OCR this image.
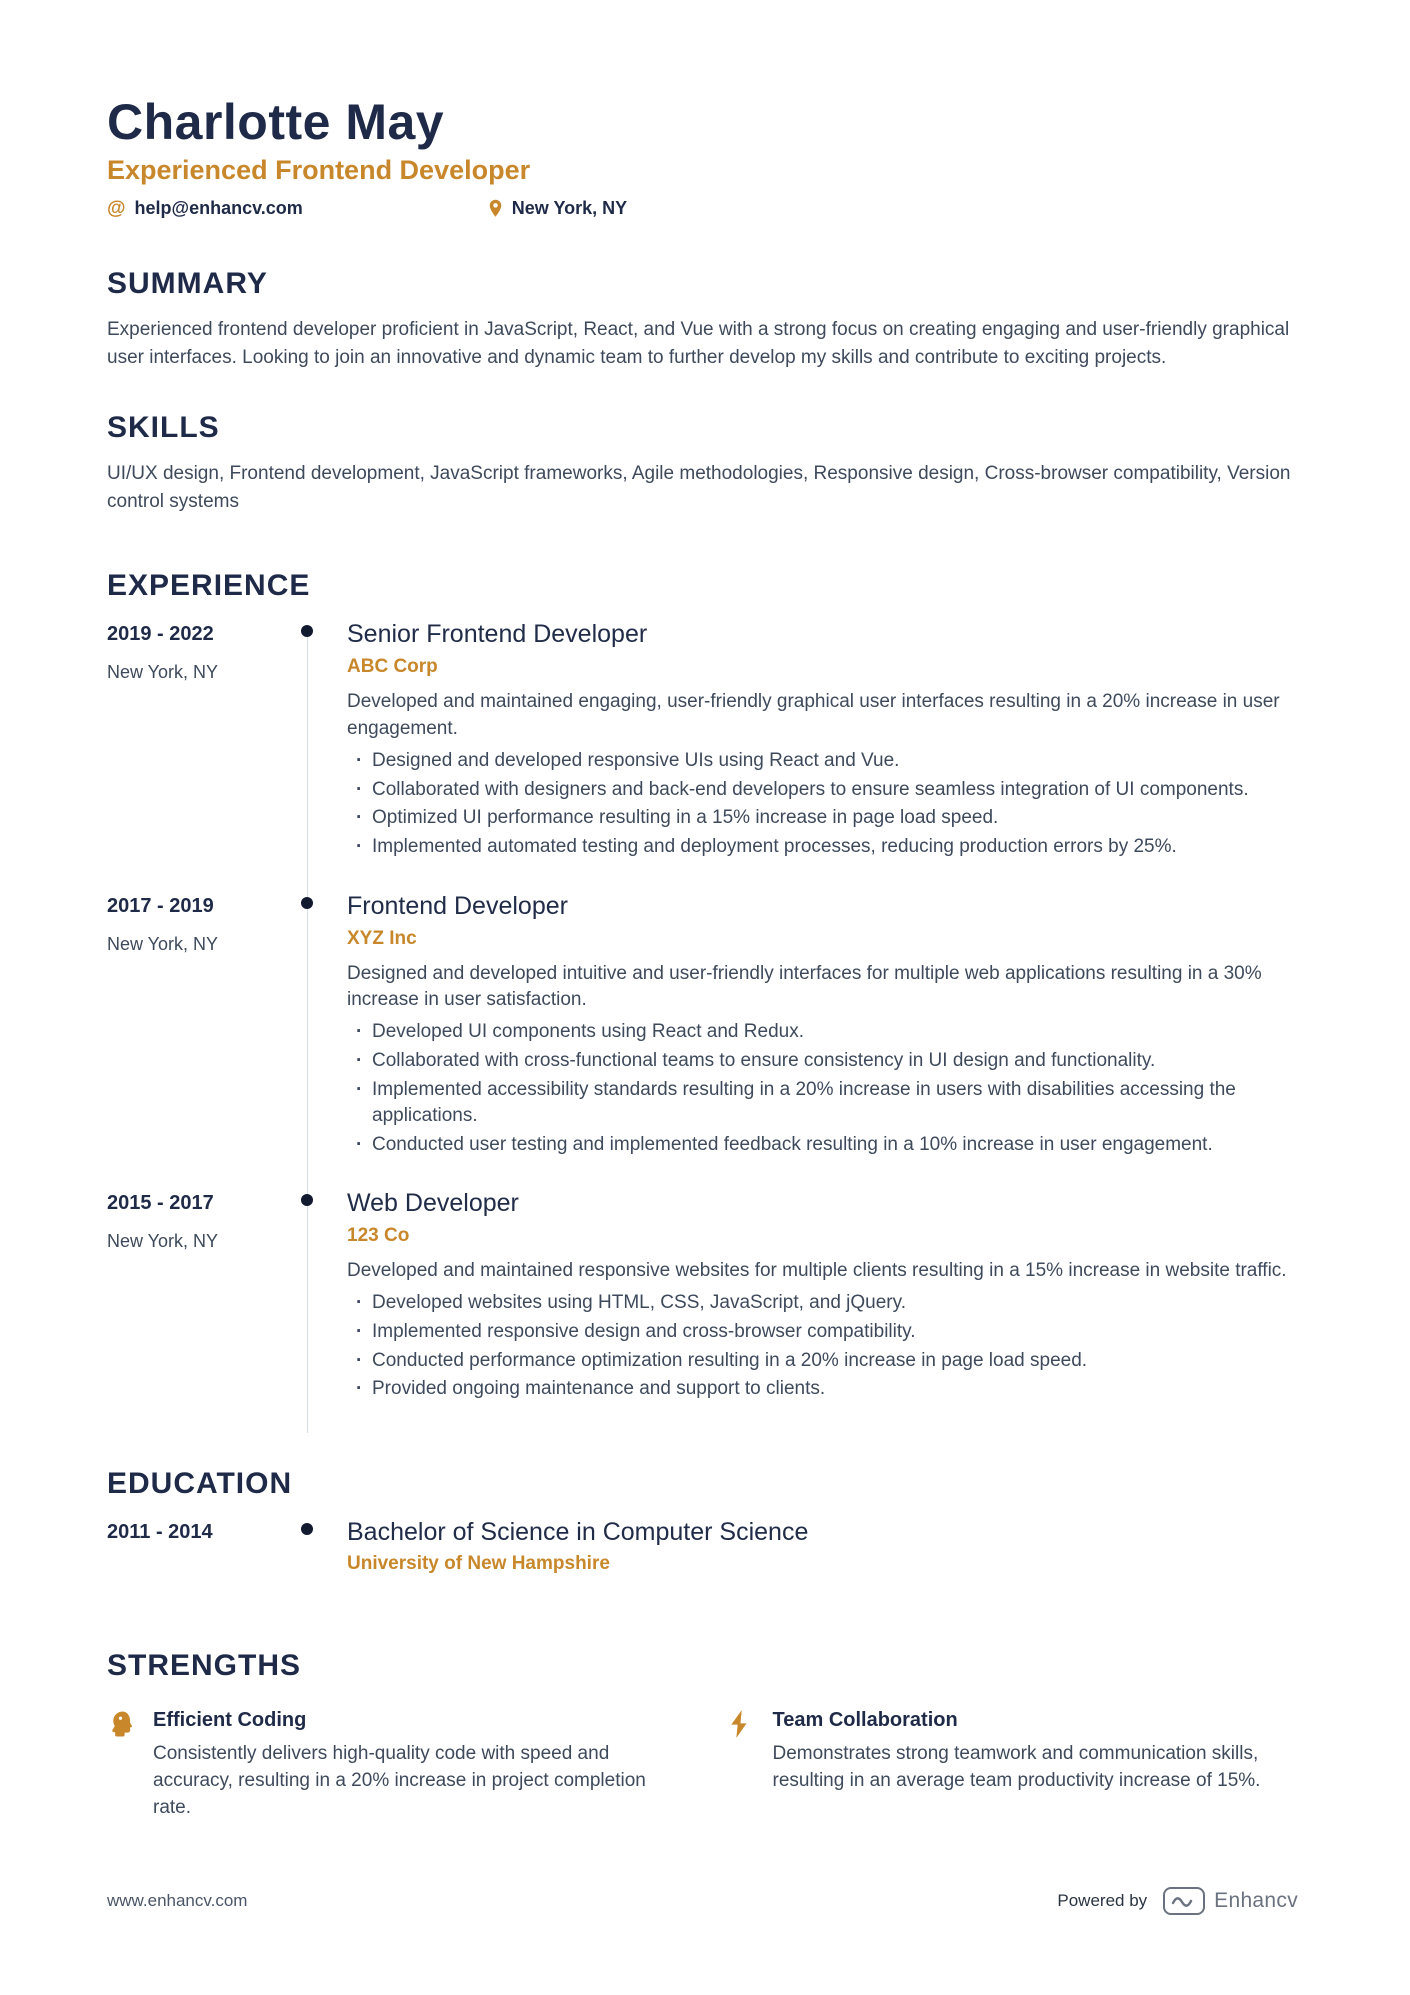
Charlotte May
Experienced Frontend Developer
@
help@enhancv.com	New York, NY
SUMMARY

Experienced frontend developer proficient in JavaScript, React, and Vue with a strong focus on creating engaging and user-friendly graphical user interfaces. Looking to join an innovative and dynamic team to further develop my skills and contribute to exciting projects.

SKILLS

UI/UX design, Frontend development, JavaScript frameworks, Agile methodologies, Responsive design, Cross-browser compatibility, Version control systems

EXPERIENCE
2019 - 2022
New York, NY
Senior Frontend Developer
ABC Corp

Developed and maintained engaging, user-friendly graphical user interfaces resulting in a 20% increase in user engagement.

· Designed and developed responsive UIs using React and Vue.
· Collaborated with designers and back-end developers to ensure seamless integration of UI components.
· Optimized UI performance resulting in a 15% increase in page load speed.
· Implemented automated testing and deployment processes, reducing production errors by 25%.
2017 - 2019
New York, NY
Frontend Developer
XYZ Inc

Designed and developed intuitive and user-friendly interfaces for multiple web applications resulting in a 30% increase in user satisfaction.

· Developed UI components using React and Redux.
· Collaborated with cross-functional teams to ensure consistency in UI design and functionality.
· Implemented accessibility standards resulting in a 20% increase in users with disabilities accessing the applications.
· Conducted user testing and implemented feedback resulting in a 10% increase in user engagement.
2015 - 2017
New York, NY
Web Developer
123 Co

Developed and maintained responsive websites for multiple clients resulting in a 15% increase in website traffic.

· Developed websites using HTML, CSS, JavaScript, and jQuery.
· Implemented responsive design and cross-browser compatibility.
· Conducted performance optimization resulting in a 20% increase in page load speed.
· Provided ongoing maintenance and support to clients.
EDUCATION
2011 - 2014	Bachelor of Science in Computer Science
University of New Hampshire
STRENGTHS
Efficient Coding

Consistently delivers high-quality code with speed and accuracy, resulting in a 20% increase in project completion rate.

Team Collaboration

Demonstrates strong teamwork and communication skills, resulting in an average team productivity increase of 15%.

www.enhancv.com	Powered by	Enhancv
